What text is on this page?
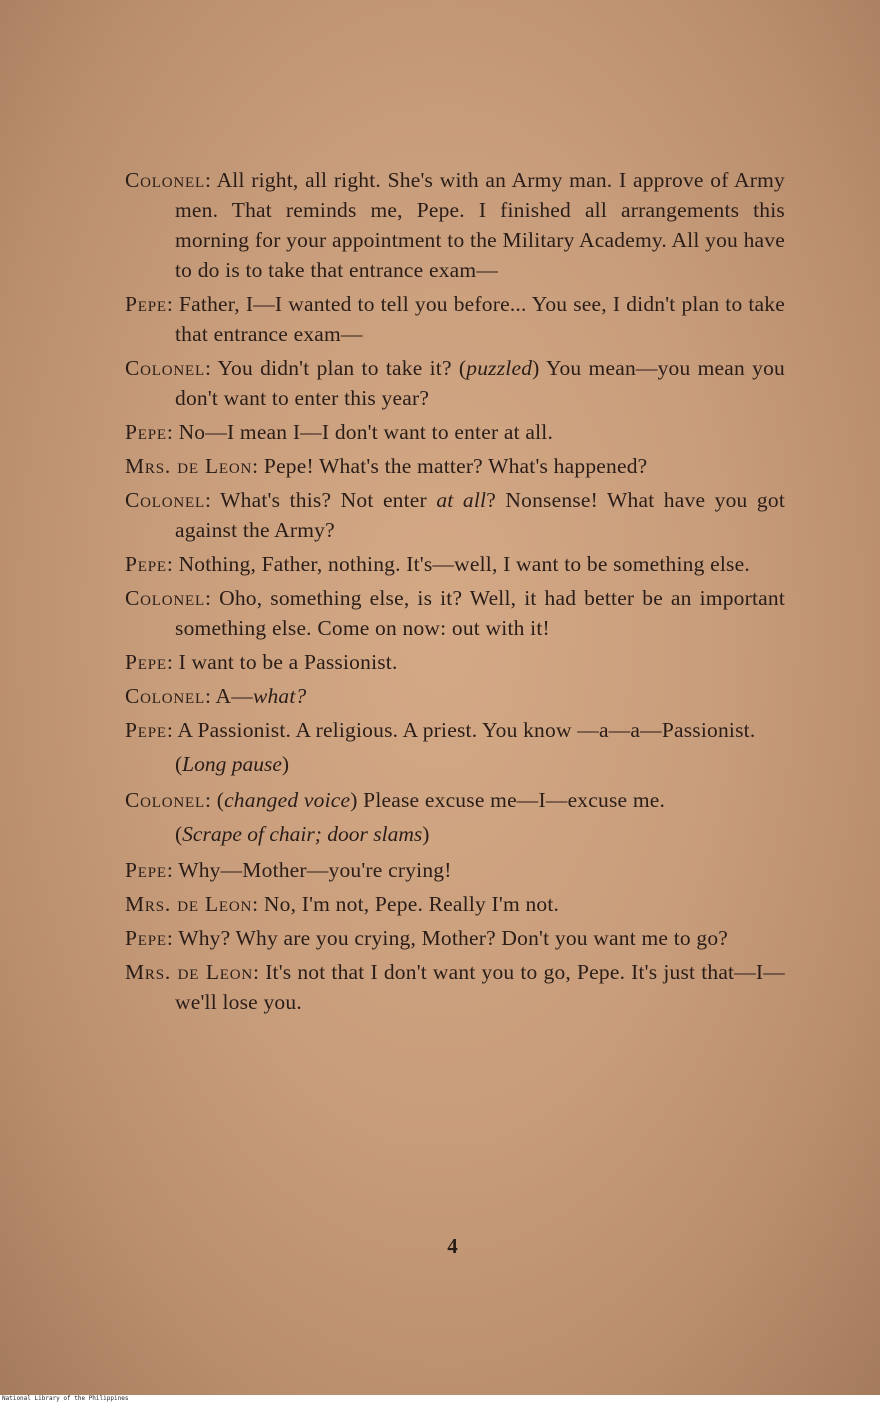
Colonel: All right, all right. She's with an Army man. I approve of Army men. That reminds me, Pepe. I finished all arrangements this morning for your appointment to the Military Academy. All you have to do is to take that entrance exam—

Pepe: Father, I—I wanted to tell you before... You see, I didn't plan to take that entrance exam—

Colonel: You didn't plan to take it? (puzzled) You mean—you mean you don't want to enter this year?

Pepe: No—I mean I—I don't want to enter at all.

Mrs. de Leon: Pepe! What's the matter? What's happened?

Colonel: What's this? Not enter at all? Nonsense! What have you got against the Army?

Pepe: Nothing, Father, nothing. It's—well, I want to be something else.

Colonel: Oho, something else, is it? Well, it had better be an important something else. Come on now: out with it!

Pepe: I want to be a Passionist.

Colonel: A—what?

Pepe: A Passionist. A religious. A priest. You know —a—a—Passionist.

(Long pause)

Colonel: (changed voice) Please excuse me—I—excuse me.

(Scrape of chair; door slams)

Pepe: Why—Mother—you're crying!

Mrs. de Leon: No, I'm not, Pepe. Really I'm not.

Pepe: Why? Why are you crying, Mother? Don't you want me to go?

Mrs. de Leon: It's not that I don't want you to go, Pepe. It's just that—I—we'll lose you.

4
National Library of the Philippines
